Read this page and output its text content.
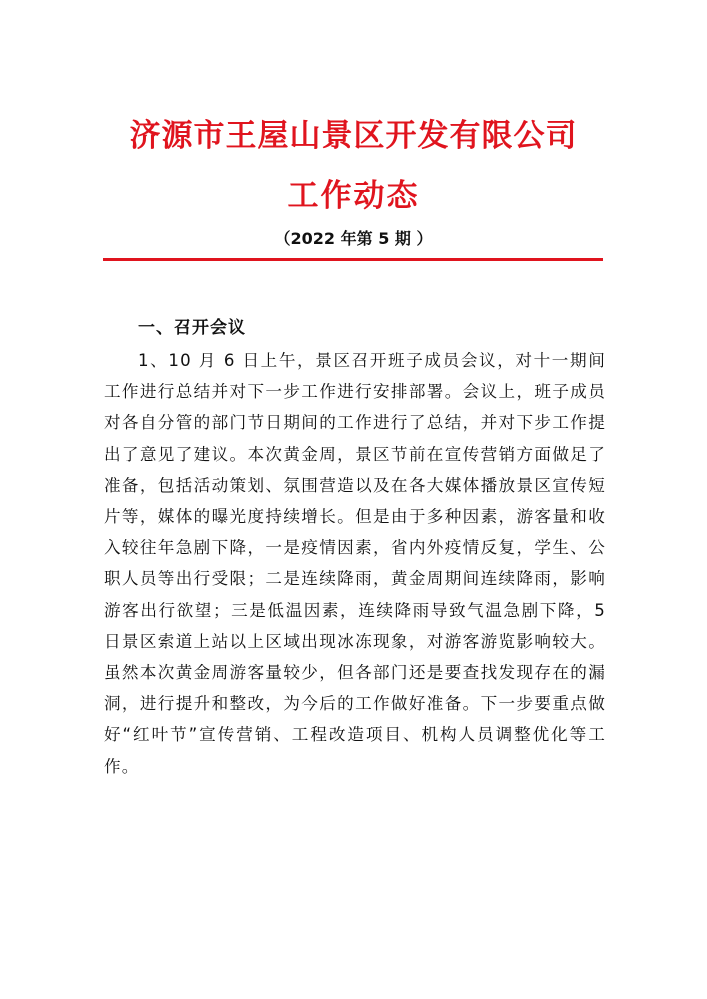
济源市王屋山景区开发有限公司
工作动态
（2022 年第 5 期 ）
一、召开会议

1、10 月 6 日上午，景区召开班子成员会议，对十一期间工作进行总结并对下一步工作进行安排部署。会议上，班子成员对各自分管的部门节日期间的工作进行了总结，并对下步工作提出了意见了建议。本次黄金周，景区节前在宣传营销方面做足了准备，包括活动策划、氛围营造以及在各大媒体播放景区宣传短片等，媒体的曝光度持续增长。但是由于多种因素，游客量和收入较往年急剧下降，一是疫情因素，省内外疫情反复，学生、公职人员等出行受限；二是连续降雨，黄金周期间连续降雨，影响游客出行欲望；三是低温因素，连续降雨导致气温急剧下降，5 日景区索道上站以上区域出现冰冻现象，对游客游览影响较大。虽然本次黄金周游客量较少，但各部门还是要查找发现存在的漏洞，进行提升和整改，为今后的工作做好准备。下一步要重点做好“红叶节”宣传营销、工程改造项目、机构人员调整优化等工作。
